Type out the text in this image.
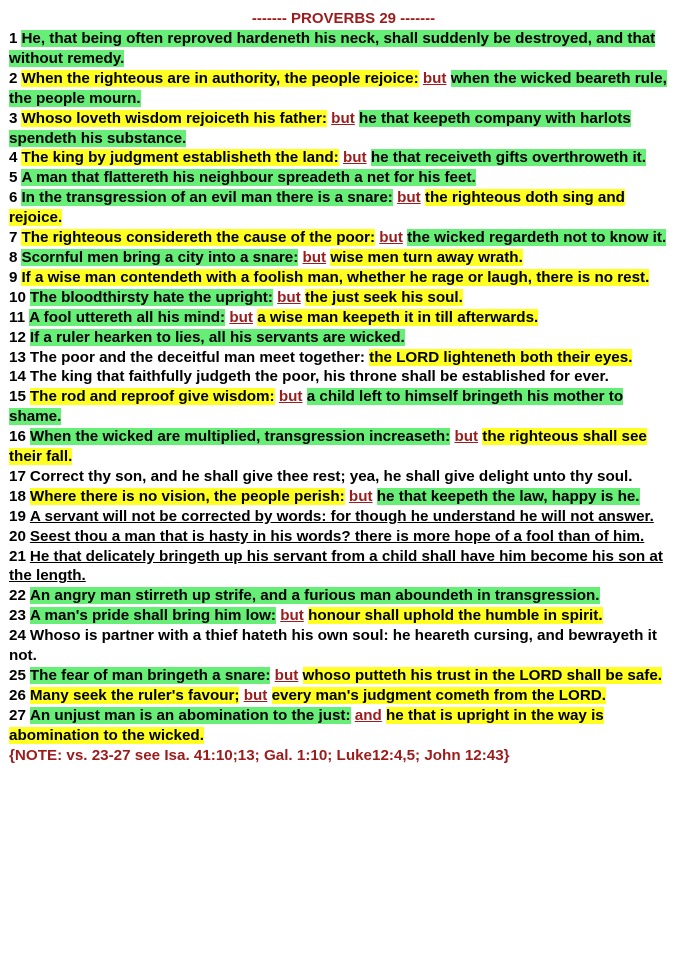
------- PROVERBS 29 -------

1 He, that being often reproved hardeneth his neck, shall suddenly be destroyed, and that without remedy.

2 When the righteous are in authority, the people rejoice: but when the wicked beareth rule, the people mourn.

3 Whoso loveth wisdom rejoiceth his father: but he that keepeth company with harlots spendeth his substance.

4 The king by judgment establisheth the land: but he that receiveth gifts overthroweth it.

5 A man that flattereth his neighbour spreadeth a net for his feet.

6 In the transgression of an evil man there is a snare: but the righteous doth sing and rejoice.

7 The righteous considereth the cause of the poor: but the wicked regardeth not to know it.

8 Scornful men bring a city into a snare: but wise men turn away wrath.

9 If a wise man contendeth with a foolish man, whether he rage or laugh, there is no rest.

10 The bloodthirsty hate the upright: but the just seek his soul.

11 A fool uttereth all his mind: but a wise man keepeth it in till afterwards.

12 If a ruler hearken to lies, all his servants are wicked.

13 The poor and the deceitful man meet together: the LORD lighteneth both their eyes.

14 The king that faithfully judgeth the poor, his throne shall be established for ever.

15 The rod and reproof give wisdom: but a child left to himself bringeth his mother to shame.

16 When the wicked are multiplied, transgression increaseth: but the righteous shall see their fall.

17 Correct thy son, and he shall give thee rest; yea, he shall give delight unto thy soul.

18 Where there is no vision, the people perish: but he that keepeth the law, happy is he.

19 A servant will not be corrected by words: for though he understand he will not answer.

20 Seest thou a man that is hasty in his words? there is more hope of a fool than of him.

21 He that delicately bringeth up his servant from a child shall have him become his son at the length.

22 An angry man stirreth up strife, and a furious man aboundeth in transgression.

23 A man's pride shall bring him low: but honour shall uphold the humble in spirit.

24 Whoso is partner with a thief hateth his own soul: he heareth cursing, and bewrayeth it not.

25 The fear of man bringeth a snare: but whoso putteth his trust in the LORD shall be safe.

26 Many seek the ruler's favour; but every man's judgment cometh from the LORD.

27 An unjust man is an abomination to the just: and he that is upright in the way is abomination to the wicked.

{NOTE: vs. 23-27 see Isa. 41:10;13; Gal. 1:10; Luke12:4,5; John 12:43}
